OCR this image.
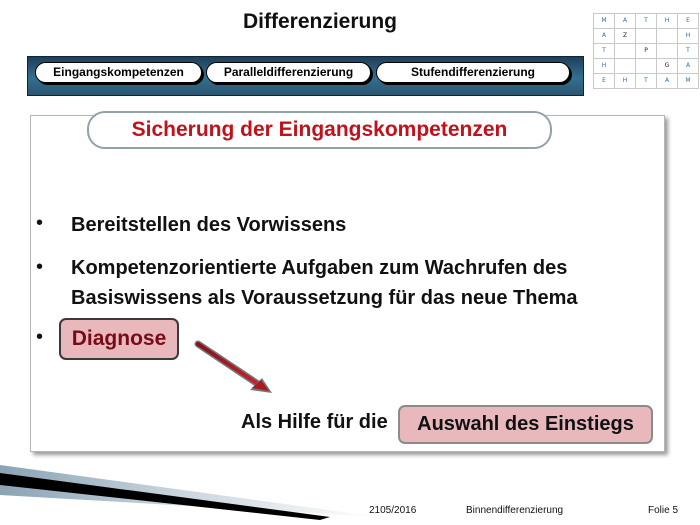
Differenzierung	M	A	T	H	E
A	Z			H
T		P		T
H			G	A
E	H	T	A	M
Eingangskompetenzen	Paralleldifferenzierung	Stufendifferenzierung
Sicherung der Eingangskompetenzen
• Bereitstellen des Vorwissens
• Kompetenzorientierte Aufgaben zum Wachrufen des
Basiswissens als Voraussetzung für das neue Thema
•	Diagnose
Als Hilfe für die	Auswahl des Einstiegs
2105/2016	Binnendifferenzierung	Folie 5
